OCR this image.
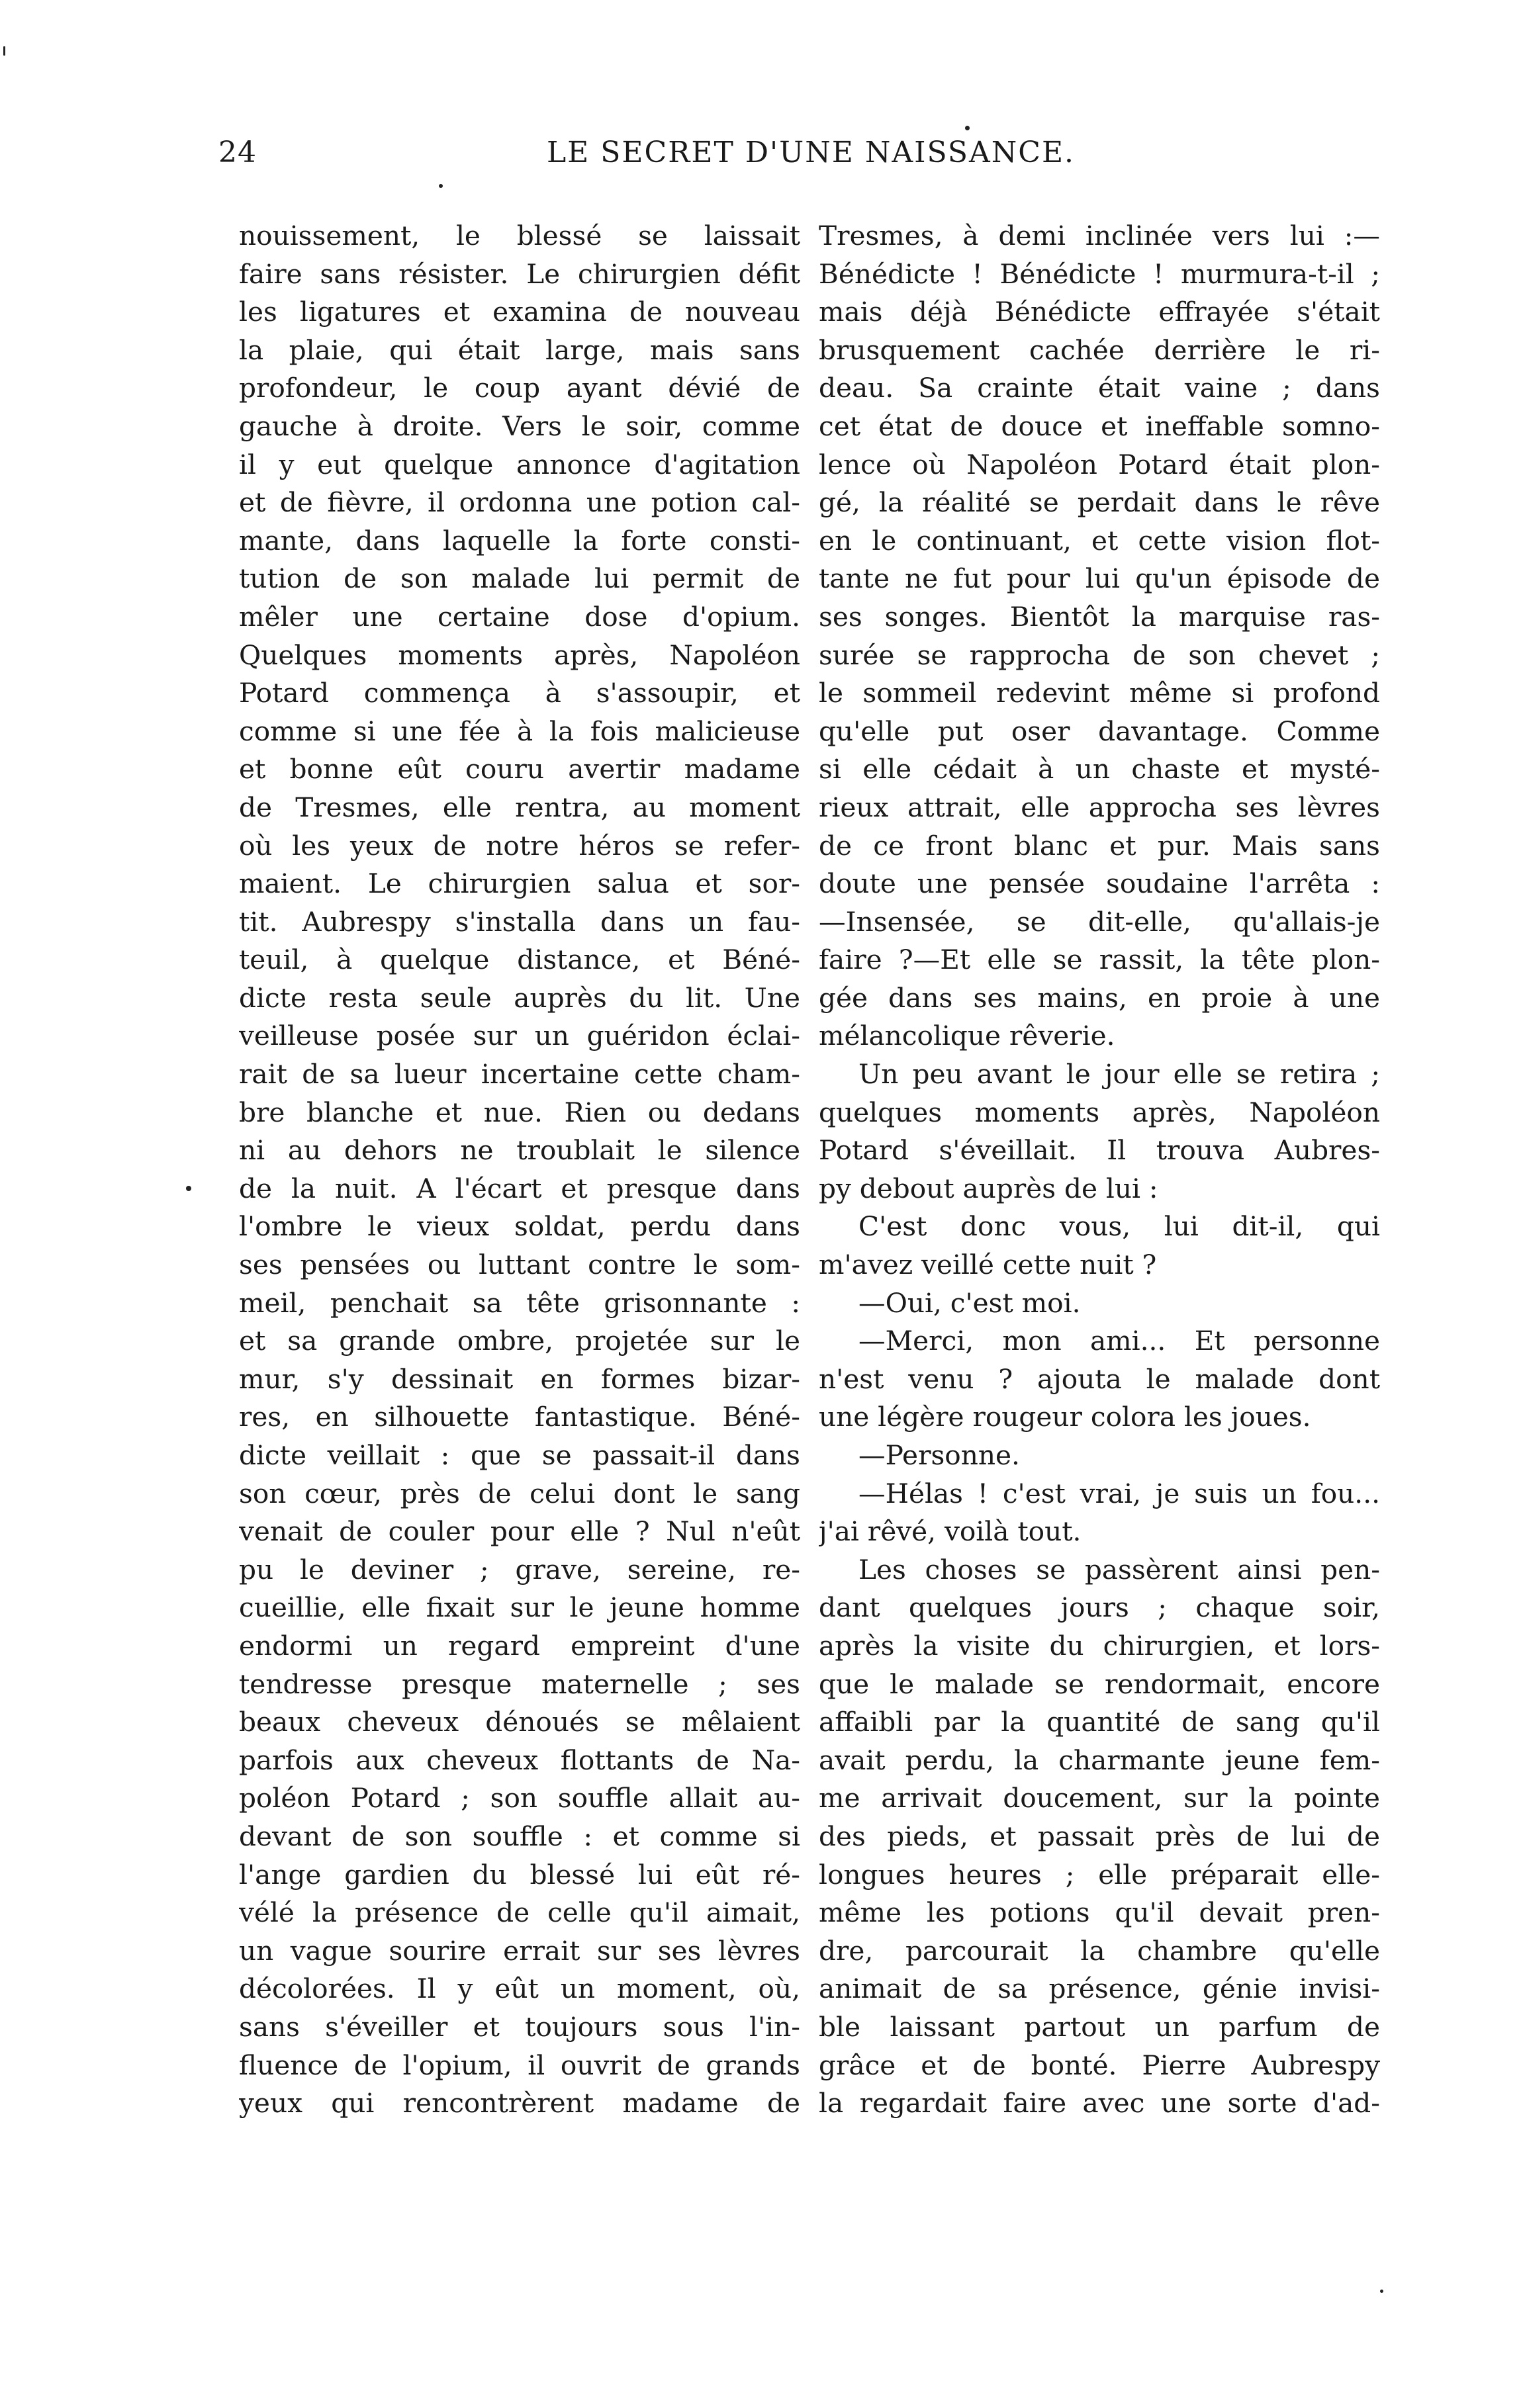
24	LE SECRET D'UNE NAISSANCE.
nouissement, le blessé se laissait
faire sans résister. Le chirurgien défit
les ligatures et examina de nouveau
la plaie, qui était large, mais sans
profondeur, le coup ayant dévié de
gauche à droite. Vers le soir, comme
il y eut quelque annonce d'agitation
et de fièvre, il ordonna une potion cal-
mante, dans laquelle la forte consti-
tution de son malade lui permit de
mêler une certaine dose d'opium.
Quelques moments après, Napoléon
Potard commença à s'assoupir, et
comme si une fée à la fois malicieuse
et bonne eût couru avertir madame
de Tresmes, elle rentra, au moment
où les yeux de notre héros se refer-
maient. Le chirurgien salua et sor-
tit. Aubrespy s'installa dans un fau-
teuil, à quelque distance, et Béné-
dicte resta seule auprès du lit. Une
veilleuse posée sur un guéridon éclai-
rait de sa lueur incertaine cette cham-
bre blanche et nue. Rien ou dedans
ni au dehors ne troublait le silence
de la nuit. A l'écart et presque dans
l'ombre le vieux soldat, perdu dans
ses pensées ou luttant contre le som-
meil, penchait sa tête grisonnante :
et sa grande ombre, projetée sur le
mur, s'y dessinait en formes bizar-
res, en silhouette fantastique. Béné-
dicte veillait : que se passait-il dans
son cœur, près de celui dont le sang
venait de couler pour elle ? Nul n'eût
pu le deviner ; grave, sereine, re-
cueillie, elle fixait sur le jeune homme
endormi un regard empreint d'une
tendresse presque maternelle ; ses
beaux cheveux dénoués se mêlaient
parfois aux cheveux flottants de Na-
poléon Potard ; son souffle allait au-
devant de son souffle : et comme si
l'ange gardien du blessé lui eût ré-
vélé la présence de celle qu'il aimait,
un vague sourire errait sur ses lèvres
décolorées. Il y eût un moment, où,
sans s'éveiller et toujours sous l'in-
fluence de l'opium, il ouvrit de grands
yeux qui rencontrèrent madame de
Tresmes, à demi inclinée vers lui :—
Bénédicte ! Bénédicte ! murmura-t-il ;
mais déjà Bénédicte effrayée s'était
brusquement cachée derrière le ri-
deau. Sa crainte était vaine ; dans
cet état de douce et ineffable somno-
lence où Napoléon Potard était plon-
gé, la réalité se perdait dans le rêve
en le continuant, et cette vision flot-
tante ne fut pour lui qu'un épisode de
ses songes. Bientôt la marquise ras-
surée se rapprocha de son chevet ;
le sommeil redevint même si profond
qu'elle put oser davantage. Comme
si elle cédait à un chaste et mysté-
rieux attrait, elle approcha ses lèvres
de ce front blanc et pur. Mais sans
doute une pensée soudaine l'arrêta :
—Insensée, se dit-elle, qu'allais-je
faire ?—Et elle se rassit, la tête plon-
gée dans ses mains, en proie à une
mélancolique rêverie.
Un peu avant le jour elle se retira ;
quelques moments après, Napoléon
Potard s'éveillait. Il trouva Aubres-
py debout auprès de lui :
C'est donc vous, lui dit-il, qui
m'avez veillé cette nuit ?
—Oui, c'est moi.
—Merci, mon ami... Et personne
n'est venu ? ajouta le malade dont
une légère rougeur colora les joues.
—Personne.
—Hélas ! c'est vrai, je suis un fou...
j'ai rêvé, voilà tout.
Les choses se passèrent ainsi pen-
dant quelques jours ; chaque soir,
après la visite du chirurgien, et lors-
que le malade se rendormait, encore
affaibli par la quantité de sang qu'il
avait perdu, la charmante jeune fem-
me arrivait doucement, sur la pointe
des pieds, et passait près de lui de
longues heures ; elle préparait elle-
même les potions qu'il devait pren-
dre, parcourait la chambre qu'elle
animait de sa présence, génie invisi-
ble laissant partout un parfum de
grâce et de bonté. Pierre Aubrespy
la regardait faire avec une sorte d'ad-
